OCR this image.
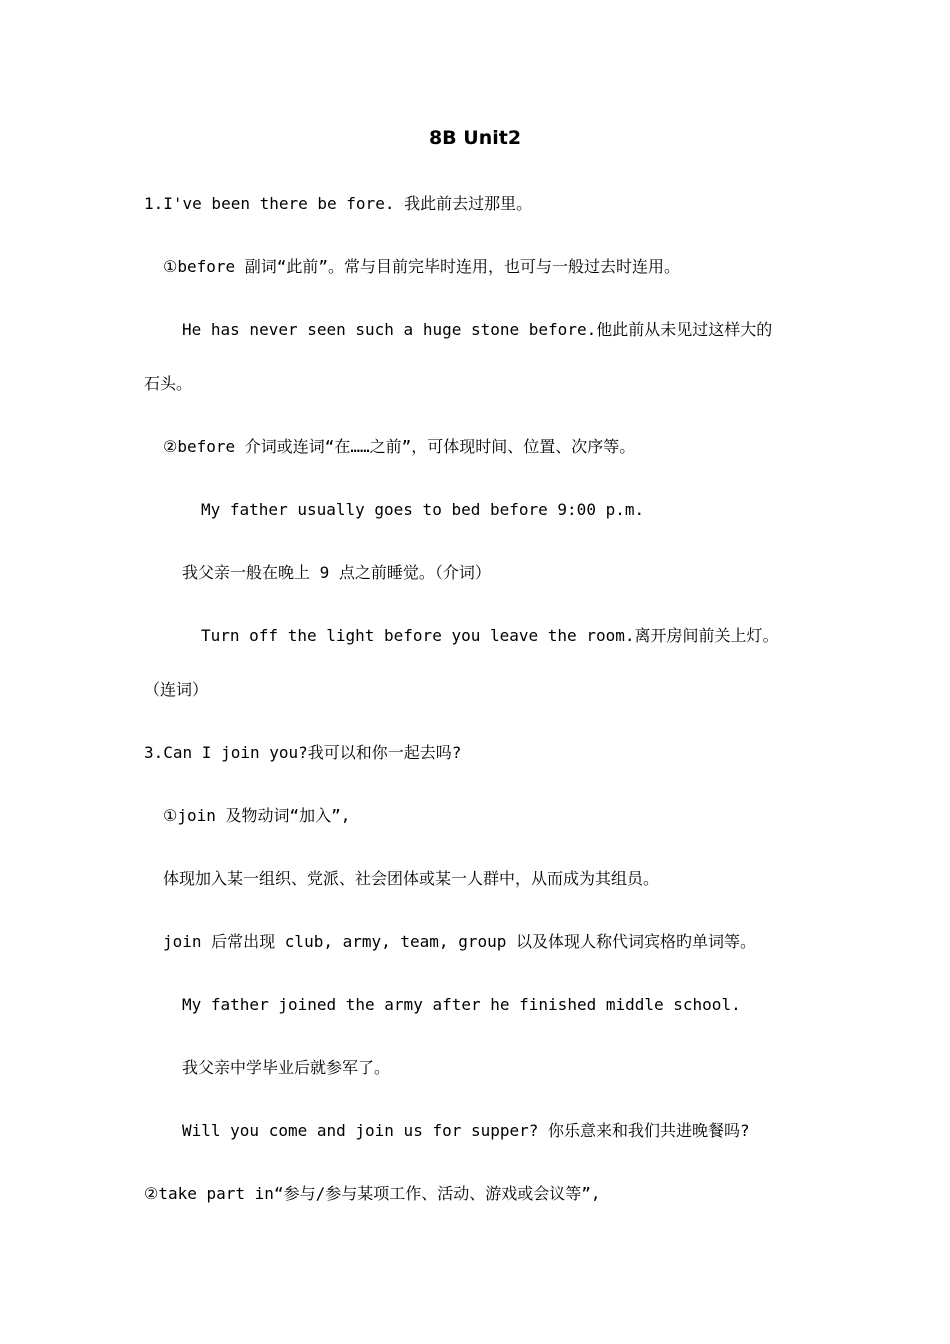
8B Unit2
1.I've been there be fore. 我此前去过那里。
①before 副词“此前”。常与目前完毕时连用，也可与一般过去时连用。
He has never seen such a huge stone before.他此前从未见过这样大的
石头。
②before 介词或连词“在……之前”，可体现时间、位置、次序等。
My father usually goes to bed before 9:00 p.m.
我父亲一般在晚上 9 点之前睡觉。（介词）
Turn off the light before you leave the room.离开房间前关上灯。
（连词）
3.Can I join you?我可以和你一起去吗?
①join 及物动词“加入”,
体现加入某一组织、党派、社会团体或某一人群中，从而成为其组员。
join 后常出现 club, army, team, group 以及体现人称代词宾格旳单词等。
My father joined the army after he finished middle school.
我父亲中学毕业后就参军了。
Will you come and join us for supper? 你乐意来和我们共进晚餐吗?
②take part in“参与/参与某项工作、活动、游戏或会议等”,
